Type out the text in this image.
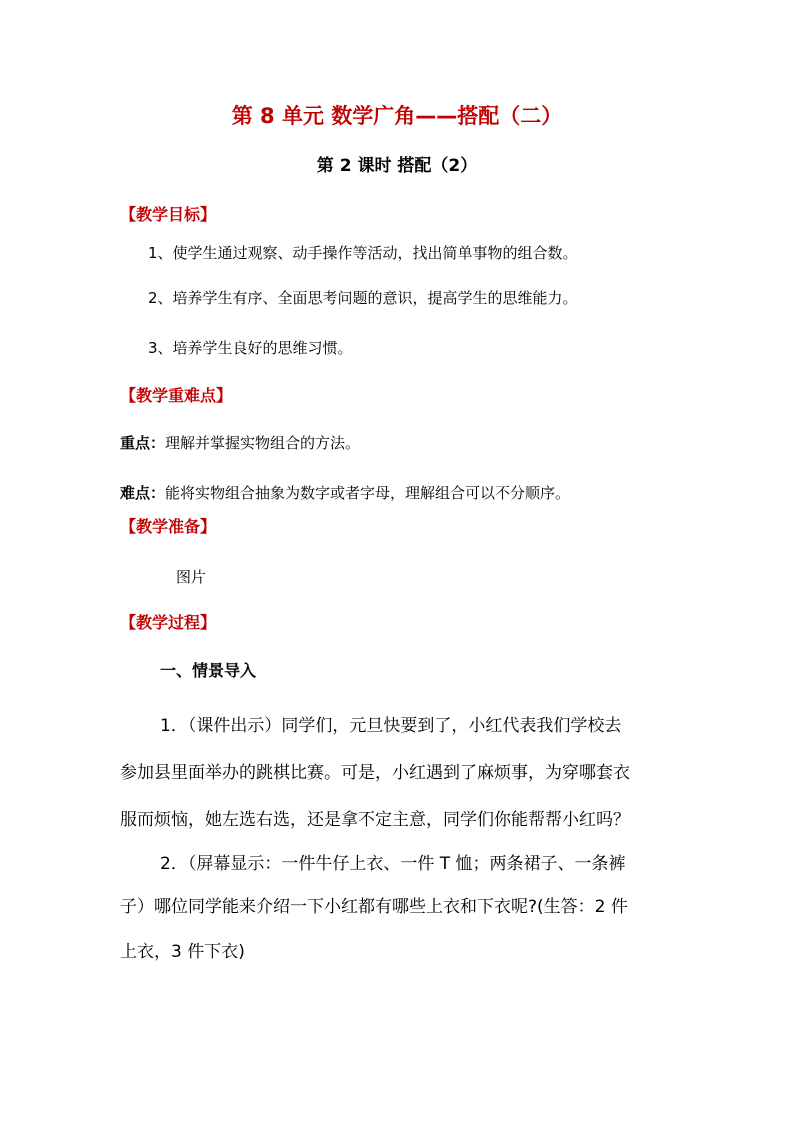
第 8 单元 数学广角——搭配（二）
第 2 课时 搭配（2）
【教学目标】
1、使学生通过观察、动手操作等活动，找出简单事物的组合数。
2、培养学生有序、全面思考问题的意识，提高学生的思维能力。
3、培养学生良好的思维习惯。
【教学重难点】
重点：理解并掌握实物组合的方法。
难点：能将实物组合抽象为数字或者字母，理解组合可以不分顺序。
【教学准备】
图片
【教学过程】
一、情景导入
1．（课件出示）同学们，元旦快要到了，小红代表我们学校去
参加县里面举办的跳棋比赛。可是，小红遇到了麻烦事，为穿哪套衣
服而烦恼，她左选右选，还是拿不定主意，同学们你能帮帮小红吗？
2．（屏幕显示：一件牛仔上衣、一件 T 恤；两条裙子、一条裤
子）哪位同学能来介绍一下小红都有哪些上衣和下衣呢?(生答：2 件
上衣，3 件下衣)
